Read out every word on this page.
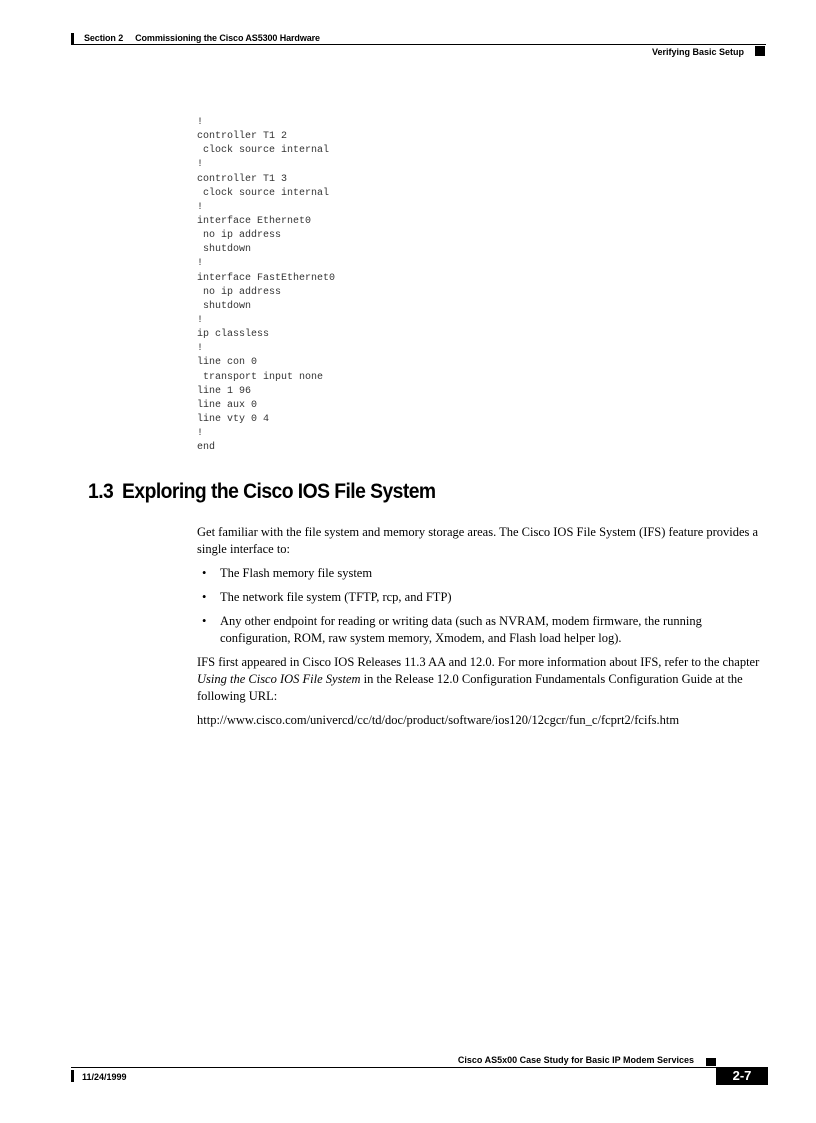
Section 2 Commissioning the Cisco AS5300 Hardware
Verifying Basic Setup
!
controller T1 2
clock source internal
!
controller T1 3
clock source internal
!
interface Ethernet0
no ip address
shutdown
!
interface FastEthernet0
no ip address
shutdown
!
ip classless
!
line con 0
transport input none
line 1 96
line aux 0
line vty 0 4
!
end
1.3 Exploring the Cisco IOS File System

Get familiar with the file system and memory storage areas. The Cisco IOS File System (IFS) feature provides a single interface to:

• The Flash memory file system
• The network file system (TFTP, rcp, and FTP)
• Any other endpoint for reading or writing data (such as NVRAM, modem firmware, the running configuration, ROM, raw system memory, Xmodem, and Flash load helper log).

IFS first appeared in Cisco IOS Releases 11.3 AA and 12.0. For more information about IFS, refer to the chapter Using the Cisco IOS File System in the Release 12.0 Configuration Fundamentals Configuration Guide at the following URL:

http://www.cisco.com/univercd/cc/td/doc/product/software/ios120/12cgcr/fun_c/fcprt2/fcifs.htm

Cisco AS5x00 Case Study for Basic IP Modem Services
11/24/1999	2-7
